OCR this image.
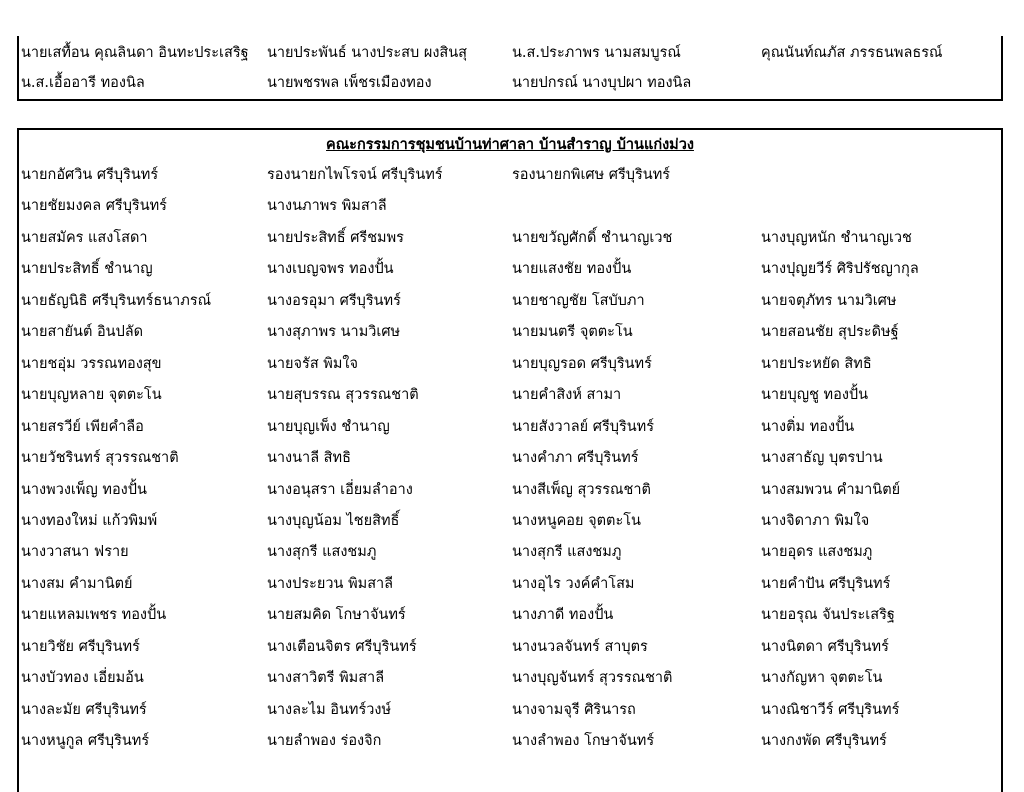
นายเสทื้อน คุณลินดา อินทะประเสริฐ	นายประพันธ์ นางประสบ ผงสินสุ	น.ส.ประภาพร นามสมบูรณ์	คุณนันท์ณภัส ภรรธนพลธรณ์
น.ส.เอื้ออารี ทองนิล	นายพชรพล เพ็ชรเมืองทอง	นายปกรณ์ นางบุปผา ทองนิล
คณะกรรมการชุมชนบ้านท่าศาลา บ้านสำราญ บ้านแก่งม่วง
นายกอัศวิน ศรีบุรินทร์	รองนายกไพโรจน์ ศรีบุรินทร์	รองนายกพิเศษ ศรีบุรินทร์
นายชัยมงคล ศรีบุรินทร์	นางนภาพร พิมสาลี
นายสมัคร แสงโสดา	นายประสิทธิ์ ศรีชมพร	นายขวัญศักดิ์ ชำนาญเวช	นางบุญหนัก ชำนาญเวช
นายประสิทธิ์ ชำนาญ	นางเบญจพร ทองปั้น	นายแสงชัย ทองปั้น	นางปุญยวีร์ ศิริปรัชญากุล
นายธัญนิธิ ศรีบุรินทร์ธนาภรณ์	นางอรอุมา ศรีบุรินทร์	นายชาญชัย โสบับภา	นายจตุภัทร นามวิเศษ
นายสายันต์ อินปลัด	นางสุภาพร นามวิเศษ	นายมนตรี จุตตะโน	นายสอนชัย สุประดิษฐ์
นายชอุ่ม วรรณทองสุข	นายจรัส พิมใจ	นายบุญรอด ศรีบุรินทร์	นายประหยัด สิทธิ
นายบุญหลาย จุตตะโน	นายสุบรรณ สุวรรณชาติ	นายคำสิงห์ สามา	นายบุญชู ทองปั้น
นายสรวีย์ เพียคำลือ	นายบุญเพ็ง ชำนาญ	นายสังวาลย์ ศรีบุรินทร์	นางติ่ม ทองปั้น
นายวัชรินทร์ สุวรรณชาติ	นางนาลี สิทธิ	นางคำภา ศรีบุรินทร์	นางสาธัญ บุตรปาน
นางพวงเพ็ญ ทองปั้น	นางอนุสรา เอี่ยมลำอาง	นางสีเพ็ญ สุวรรณชาติ	นางสมพวน คำมานิตย์
นางทองใหม่ แก้วพิมพ์	นางบุญน้อม ไชยสิทธิ์	นางหนูคอย จุตตะโน	นางจิดาภา พิมใจ
นางวาสนา ฟราย	นางสุกรี แสงชมภู	นางสุกรี แสงชมภู	นายอุดร แสงชมภู
นางสม คำมานิตย์	นางประยวน พิมสาลี	นางอุไร วงค์คำโสม	นายคำปัน ศรีบุรินทร์
นายแหลมเพชร ทองปั้น	นายสมคิด โกษาจันทร์	นางภาดี ทองปั้น	นายอรุณ จันประเสริฐ
นายวิชัย ศรีบุรินทร์	นางเตือนจิตร ศรีบุรินทร์	นางนวลจันทร์ สาบุตร	นางนิตดา ศรีบุรินทร์
นางบัวทอง เอี่ยมอ้น	นางสาวิตรี พิมสาลี	นางบุญจันทร์ สุวรรณชาติ	นางกัญหา จุตตะโน
นางละมัย ศรีบุรินทร์	นางละไม อินทร์วงษ์	นางจามจุรี ศิรินารถ	นางณิชาวีร์ ศรีบุรินทร์
นางหนูกูล ศรีบุรินทร์	นายลำพอง ร่องจิก	นางลำพอง โกษาจันทร์	นางกงพัด ศรีบุรินทร์
